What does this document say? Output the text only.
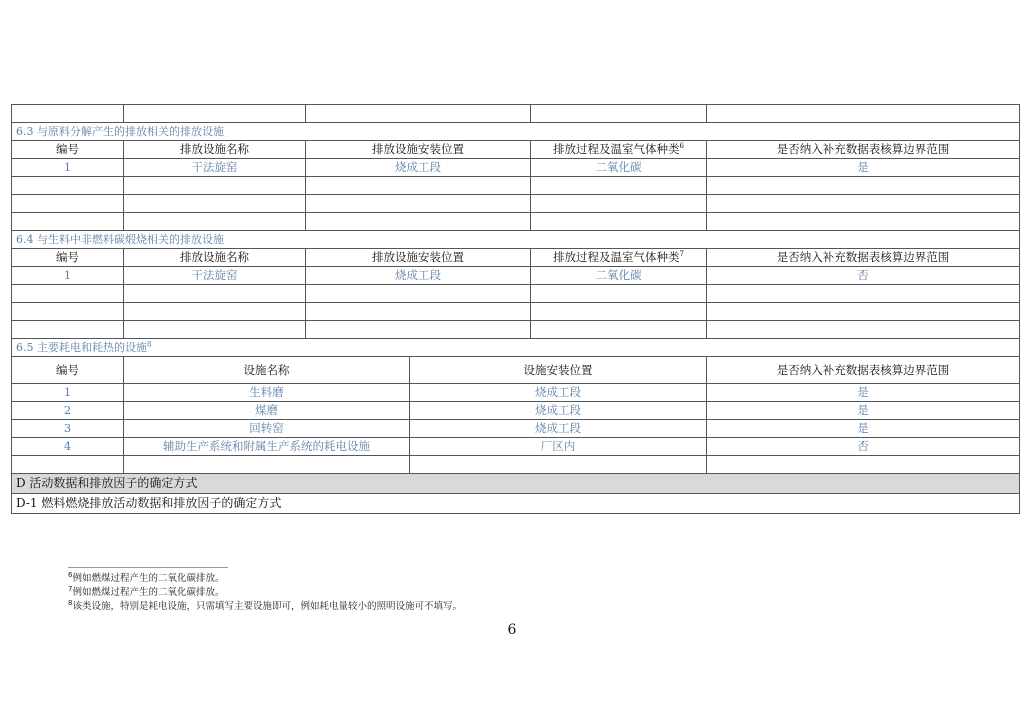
6.3 与原料分解产生的排放相关的排放设施					
编号	排放设施名称	排放设施安装位置		排放过程及温室气体种类$^6$	是否纳入补充数据表核算边界范围
1	干法旋窑	烧成工段		二氧化碳	是

6.4 与生料中非燃料碳煅烧相关的排放设施					
编号	排放设施名称	排放设施安装位置		排放过程及温室气体种类$^7$	是否纳入补充数据表核算边界范围
1	干法旋窑	烧成工段		二氧化碳	否

6.5 主要耗电和耗热的设施$^8$
编号	设施名称		设施安装位置		是否纳入补充数据表核算边界范围
1	生料磨		烧成工段		是
2	煤磨		烧成工段		是
3	回转窑		烧成工段		是
4	辅助生产系统和附属生产系统的耗电设施		厂区内		否

D 活动数据和排放因子的确定方式					
D-1 燃料燃烧排放活动数据和排放因子的确定方式					
$^6$例如燃煤过程产生的二氧化碳排放。
$^7$例如燃煤过程产生的二氧化碳排放。
$^8$该类设施，特别是耗电设施，只需填写主要设施即可，例如耗电量较小的照明设施可不填写。
6
